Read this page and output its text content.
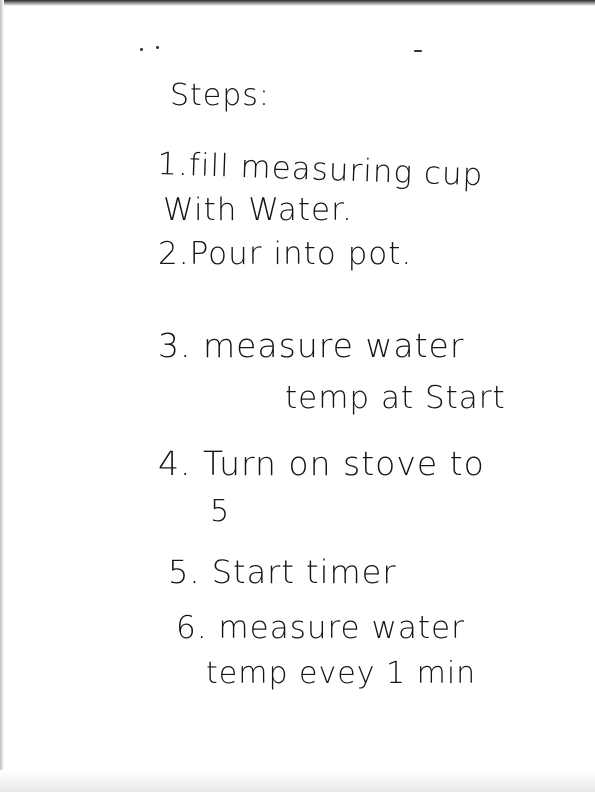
Steps:
1.fill measuring cup
With Water.
2.Pour into pot.
3. measure water
temp at Start
4. Turn on stove to
5
5. Start timer
6. measure water
temp evey 1 min
